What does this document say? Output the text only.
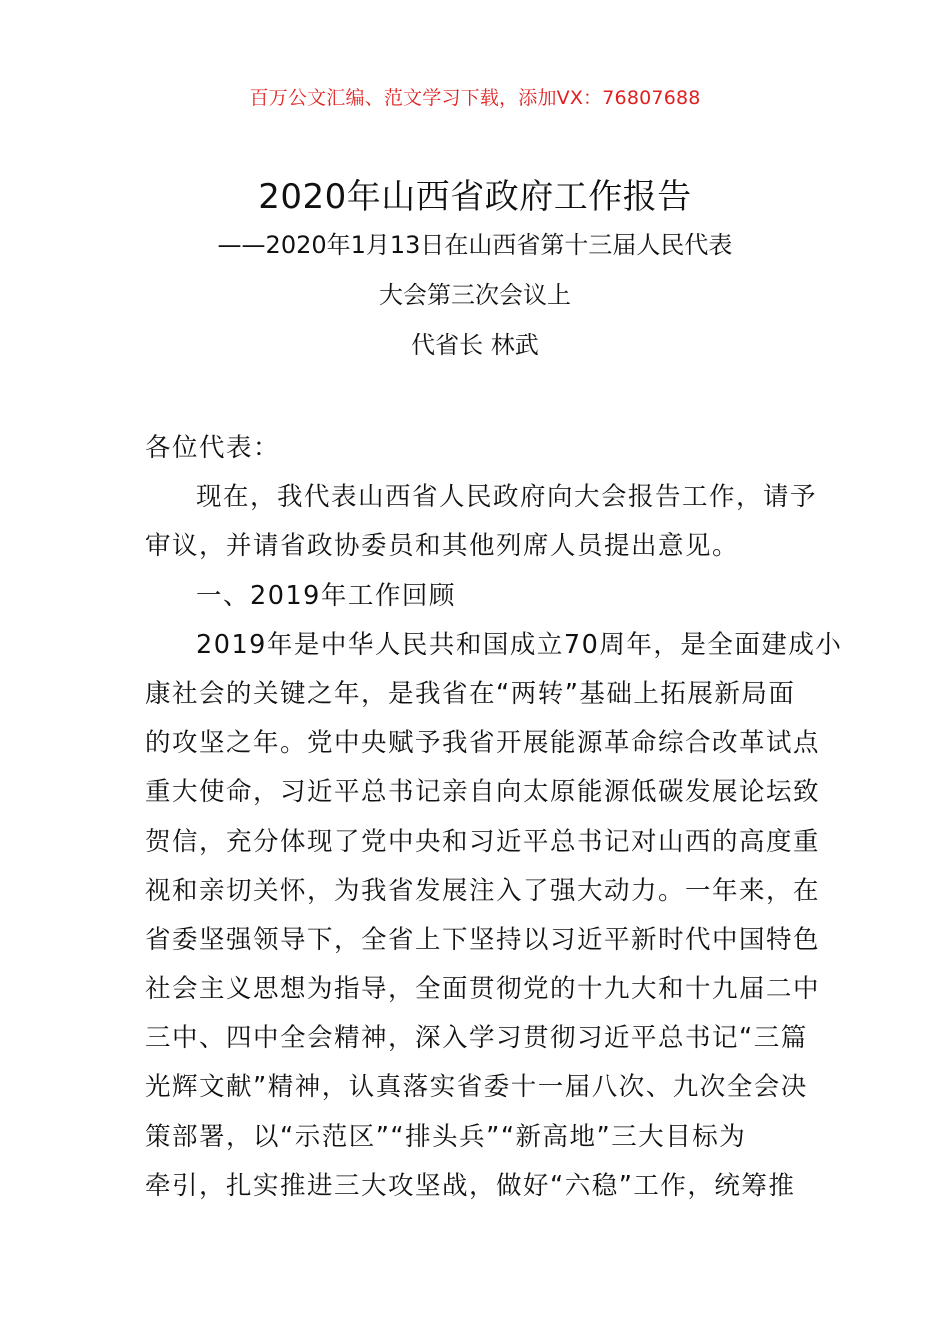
百万公文汇编、范文学习下载，添加VX：76807688
2020年山西省政府工作报告
——2020年1月13日在山西省第十三届人民代表
大会第三次会议上
代省长 林武
各位代表：
现在，我代表山西省人民政府向大会报告工作，请予
审议，并请省政协委员和其他列席人员提出意见。
一、2019年工作回顾
2019年是中华人民共和国成立70周年，是全面建成小
康社会的关键之年，是我省在“两转”基础上拓展新局面
的攻坚之年。党中央赋予我省开展能源革命综合改革试点
重大使命，习近平总书记亲自向太原能源低碳发展论坛致
贺信，充分体现了党中央和习近平总书记对山西的高度重
视和亲切关怀，为我省发展注入了强大动力。一年来，在
省委坚强领导下，全省上下坚持以习近平新时代中国特色
社会主义思想为指导，全面贯彻党的十九大和十九届二中
三中、四中全会精神，深入学习贯彻习近平总书记“三篇
光辉文献”精神，认真落实省委十一届八次、九次全会决
策部署，以“示范区”“排头兵”“新高地”三大目标为
牵引，扎实推进三大攻坚战，做好“六稳”工作，统筹推
